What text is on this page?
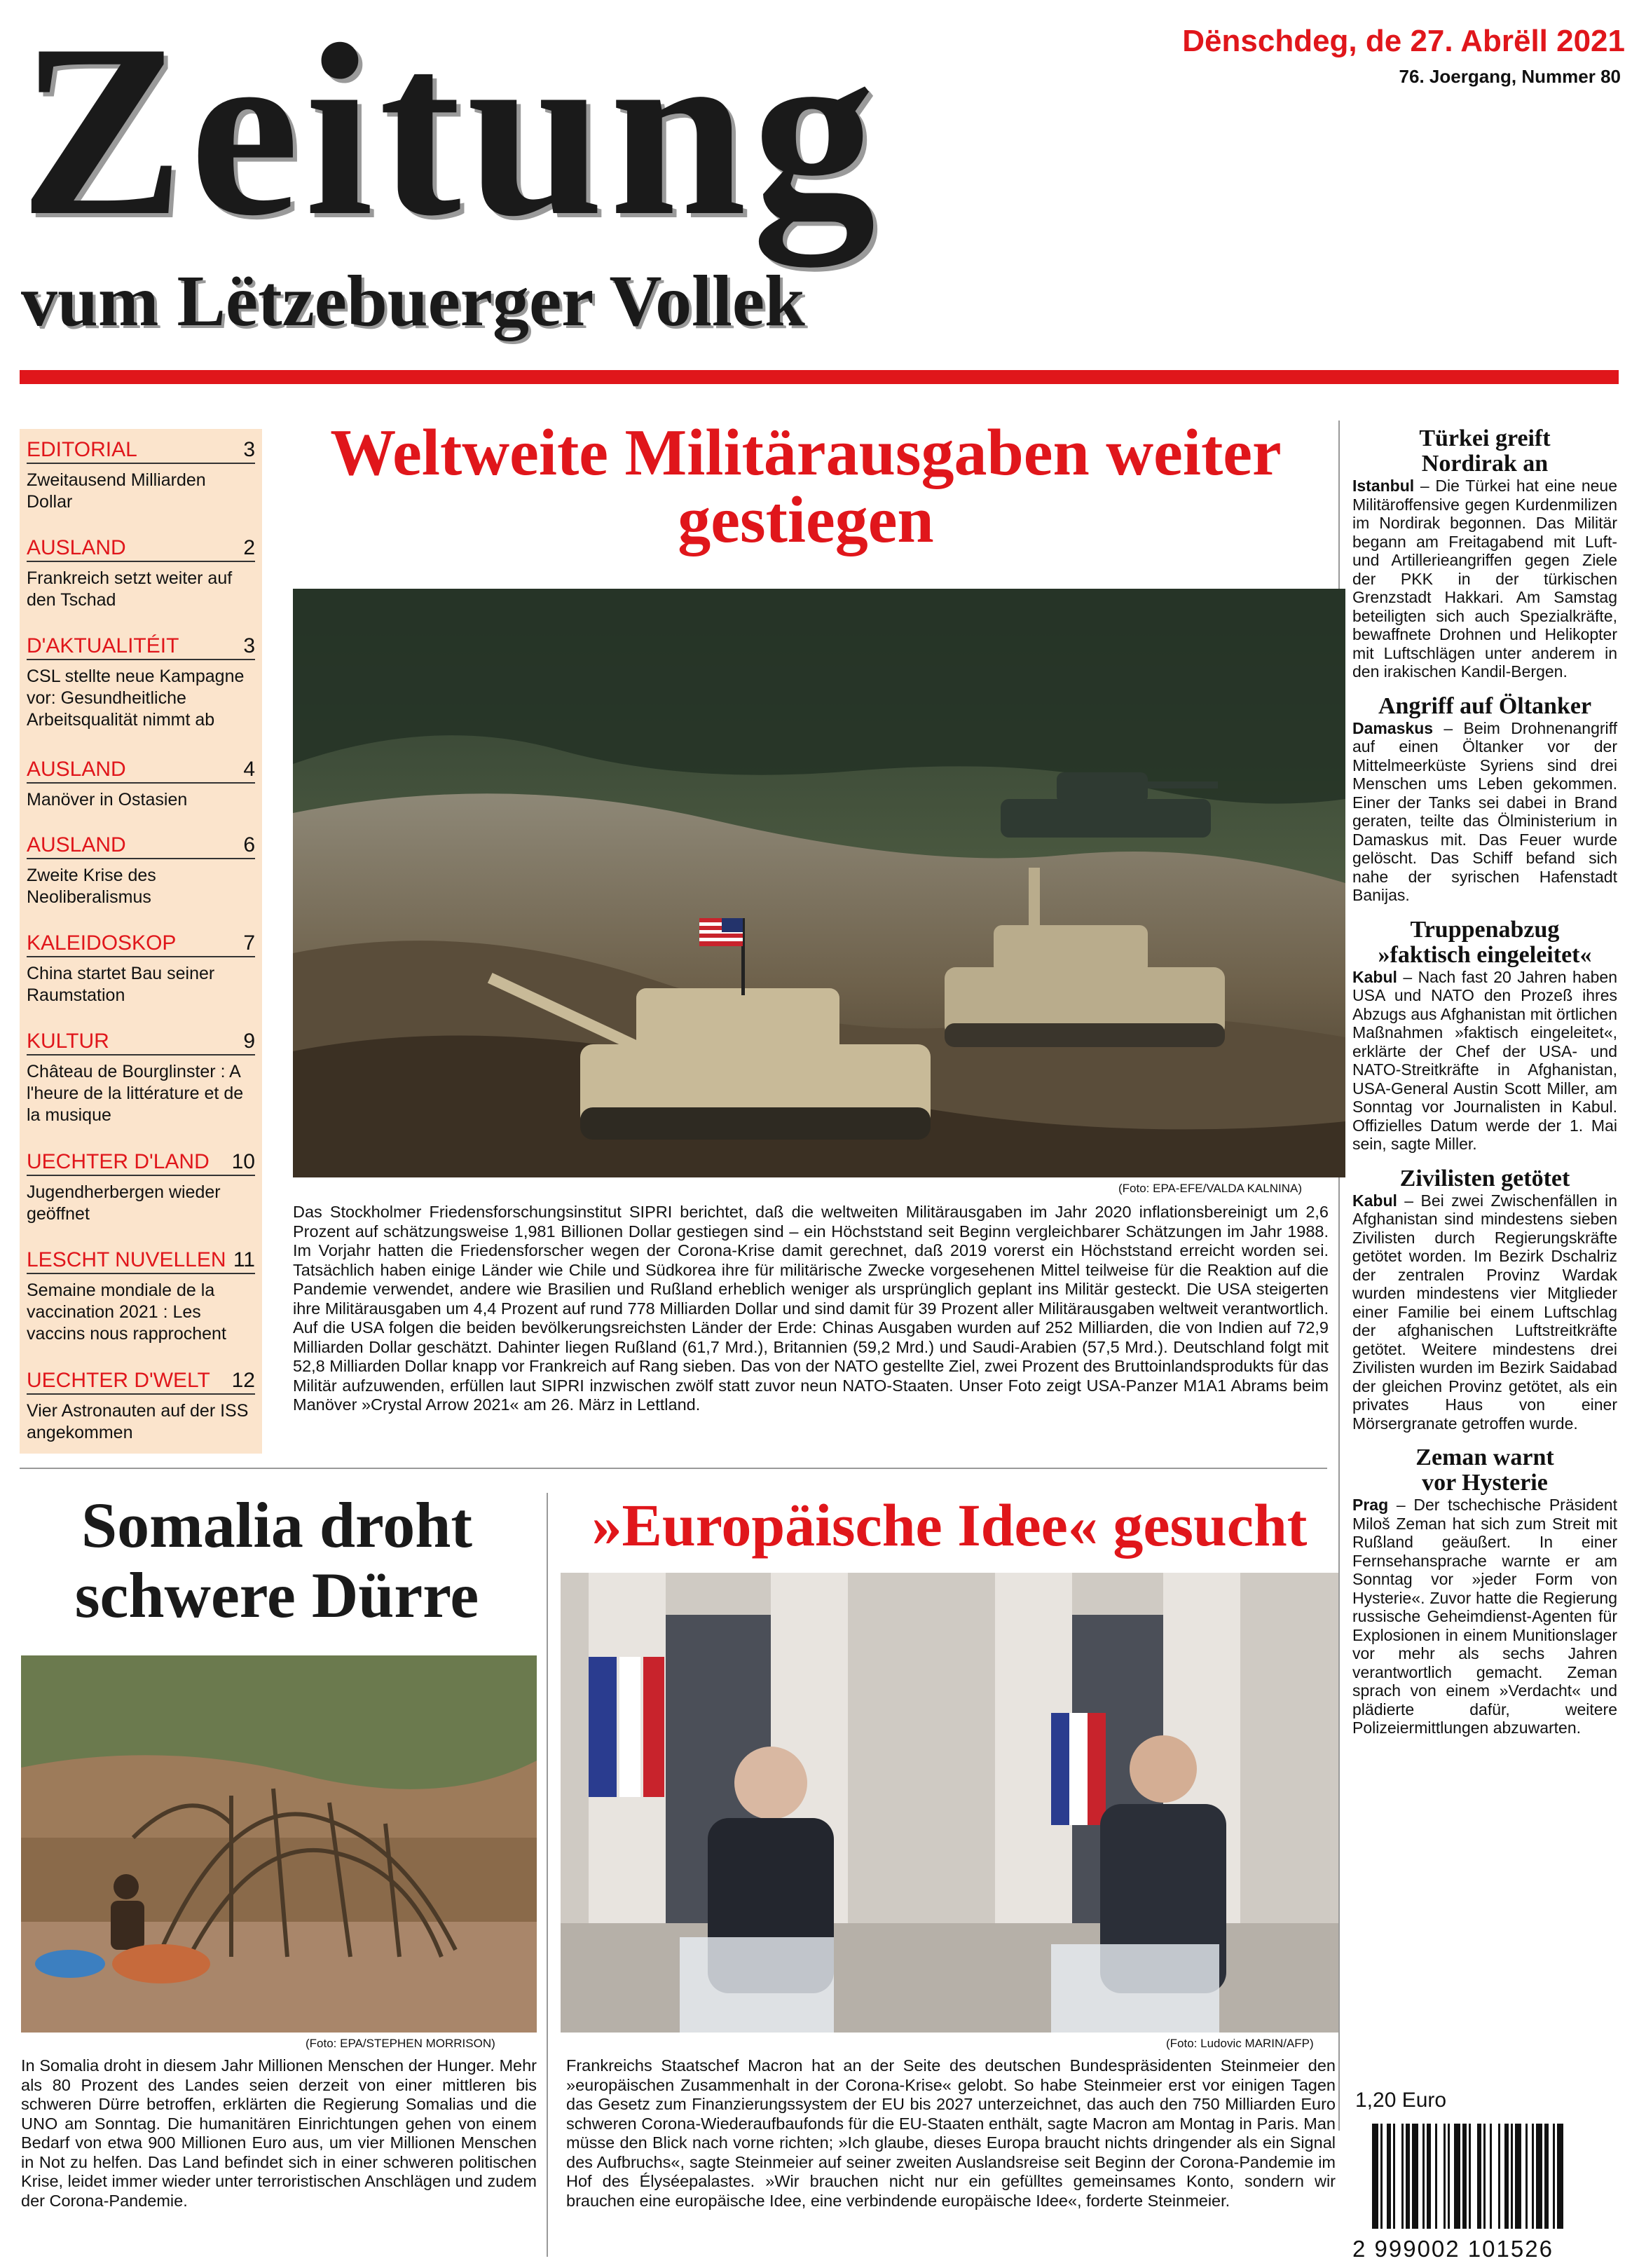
Zeitung
vum Lëtzebuerger Vollek
Dënschdeg, de 27. Abrëll 2021
76. Joergang, Nummer 80
EDITORIAL	3
Zweitausend Milliarden Dollar
AUSLAND	2
Frankreich setzt weiter auf den Tschad
D'AKTUALITÉIT	3
CSL stellte neue Kampagne vor: Gesundheitliche Arbeitsqualität nimmt ab
AUSLAND	4
Manöver in Ostasien
AUSLAND	6
Zweite Krise des Neoliberalismus
KALEIDOSKOP	7
China startet Bau seiner Raumstation
KULTUR	9
Château de Bourglinster : A l'heure de la littérature et de la musique
UECHTER D'LAND 10
Jugendherbergen wieder geöffnet
LESCHT NUVELLEN 11
Semaine mondiale de la vaccination 2021 : Les vaccins nous rapprochent
UECHTER D'WELT 12
Vier Astronauten auf der ISS angekommen
Weltweite Militärausgaben weiter gestiegen
(Foto: EPA-EFE/VALDA KALNINA)
Das Stockholmer Friedensforschungsinstitut SIPRI berichtet, daß die weltweiten Militärausgaben im Jahr 2020 inflationsbereinigt um 2,6 Prozent auf schätzungsweise 1,981 Billionen Dollar gestiegen sind – ein Höchststand seit Beginn vergleichbarer Schätzungen im Jahr 1988. Im Vorjahr hatten die Friedensforscher wegen der Corona-Krise damit gerechnet, daß 2019 vorerst ein Höchststand erreicht worden sei. Tatsächlich haben einige Länder wie Chile und Südkorea ihre für militärische Zwecke vorgesehenen Mittel teilweise für die Reaktion auf die Pandemie verwendet, andere wie Brasilien und Rußland erheblich weniger als ursprünglich geplant ins Militär gesteckt. Die USA steigerten ihre Militärausgaben um 4,4 Prozent auf rund 778 Milliarden Dollar und sind damit für 39 Prozent aller Militärausgaben weltweit verantwortlich. Auf die USA folgen die beiden bevölkerungsreichsten Länder der Erde: Chinas Ausgaben wurden auf 252 Milliarden, die von Indien auf 72,9 Milliarden Dollar geschätzt. Dahinter liegen Rußland (61,7 Mrd.), Britannien (59,2 Mrd.) und Saudi-Arabien (57,5 Mrd.). Deutschland folgt mit 52,8 Milliarden Dollar knapp vor Frankreich auf Rang sieben. Das von der NATO gestellte Ziel, zwei Prozent des Bruttoinlandsprodukts für das Militär aufzuwenden, erfüllen laut SIPRI inzwischen zwölf statt zuvor neun NATO-Staaten. Unser Foto zeigt USA-Panzer M1A1 Abrams beim Manöver »Crystal Arrow 2021« am 26. März in Lettland.
Türkei greift Nordirak an
Istanbul – Die Türkei hat eine neue Militäroffensive gegen Kurdenmilizen im Nordirak begonnen. Das Militär begann am Freitagabend mit Luft- und Artillerieangriffen gegen Ziele der PKK in der türkischen Grenzstadt Hakkari. Am Samstag beteiligten sich auch Spezialkräfte, bewaffnete Drohnen und Helikopter mit Luftschlägen unter anderem in den irakischen Kandil-Bergen.
Angriff auf Öltanker
Damaskus – Beim Drohnenangriff auf einen Öltanker vor der Mittelmeerküste Syriens sind drei Menschen ums Leben gekommen. Einer der Tanks sei dabei in Brand geraten, teilte das Ölministerium in Damaskus mit. Das Feuer wurde gelöscht. Das Schiff befand sich nahe der syrischen Hafenstadt Banijas.
Truppenabzug »faktisch eingeleitet«
Kabul – Nach fast 20 Jahren haben USA und NATO den Prozeß ihres Abzugs aus Afghanistan mit örtlichen Maßnahmen »faktisch eingeleitet«, erklärte der Chef der USA- und NATO-Streitkräfte in Afghanistan, USA-General Austin Scott Miller, am Sonntag vor Journalisten in Kabul. Offizielles Datum werde der 1. Mai sein, sagte Miller.
Zivilisten getötet
Kabul – Bei zwei Zwischenfällen in Afghanistan sind mindestens sieben Zivilisten durch Regierungskräfte getötet worden. Im Bezirk Dschalriz der zentralen Provinz Wardak wurden mindestens vier Mitglieder einer Familie bei einem Luftschlag der afghanischen Luftstreitkräfte getötet. Weitere mindestens drei Zivilisten wurden im Bezirk Saidabad der gleichen Provinz getötet, als ein privates Haus von einer Mörsergranate getroffen wurde.
Zeman warnt vor Hysterie
Prag – Der tschechische Präsident Miloš Zeman hat sich zum Streit mit Rußland geäußert. In einer Fernsehansprache warnte er am Sonntag vor »jeder Form von Hysterie«. Zuvor hatte die Regierung russische Geheimdienst-Agenten für Explosionen in einem Munitionslager vor mehr als sechs Jahren verantwortlich gemacht. Zeman sprach von einem »Verdacht« und plädierte dafür, weitere Polizeiermittlungen abzuwarten.
Somalia droht schwere Dürre
(Foto: EPA/STEPHEN MORRISON)
In Somalia droht in diesem Jahr Millionen Menschen der Hunger. Mehr als 80 Prozent des Landes seien derzeit von einer mittleren bis schweren Dürre betroffen, erklärten die Regierung Somalias und die UNO am Sonntag. Die humanitären Einrichtungen gehen von einem Bedarf von etwa 900 Millionen Euro aus, um vier Millionen Menschen in Not zu helfen. Das Land befindet sich in einer schweren politischen Krise, leidet immer wieder unter terroristischen Anschlägen und zudem der Corona-Pandemie.
»Europäische Idee« gesucht
(Foto: Ludovic MARIN/AFP)
Frankreichs Staatschef Macron hat an der Seite des deutschen Bundespräsidenten Steinmeier den »europäischen Zusammenhalt in der Corona-Krise« gelobt. So habe Steinmeier erst vor einigen Tagen das Gesetz zum Finanzierungssystem der EU bis 2027 unterzeichnet, das auch den 750 Milliarden Euro schweren Corona-Wiederaufbaufonds für die EU-Staaten enthält, sagte Macron am Montag in Paris. Man müsse den Blick nach vorne richten; »Ich glaube, dieses Europa braucht nichts dringender als ein Signal des Aufbruchs«, sagte Steinmeier auf seiner zweiten Auslandsreise seit Beginn der Corona-Pandemie im Hof des Élyséepalastes. »Wir brauchen nicht nur ein gefülltes gemeinsames Konto, sondern wir brauchen eine europäische Idee, eine verbindende europäische Idee«, forderte Steinmeier.
1,20 Euro
2 999002 101526
